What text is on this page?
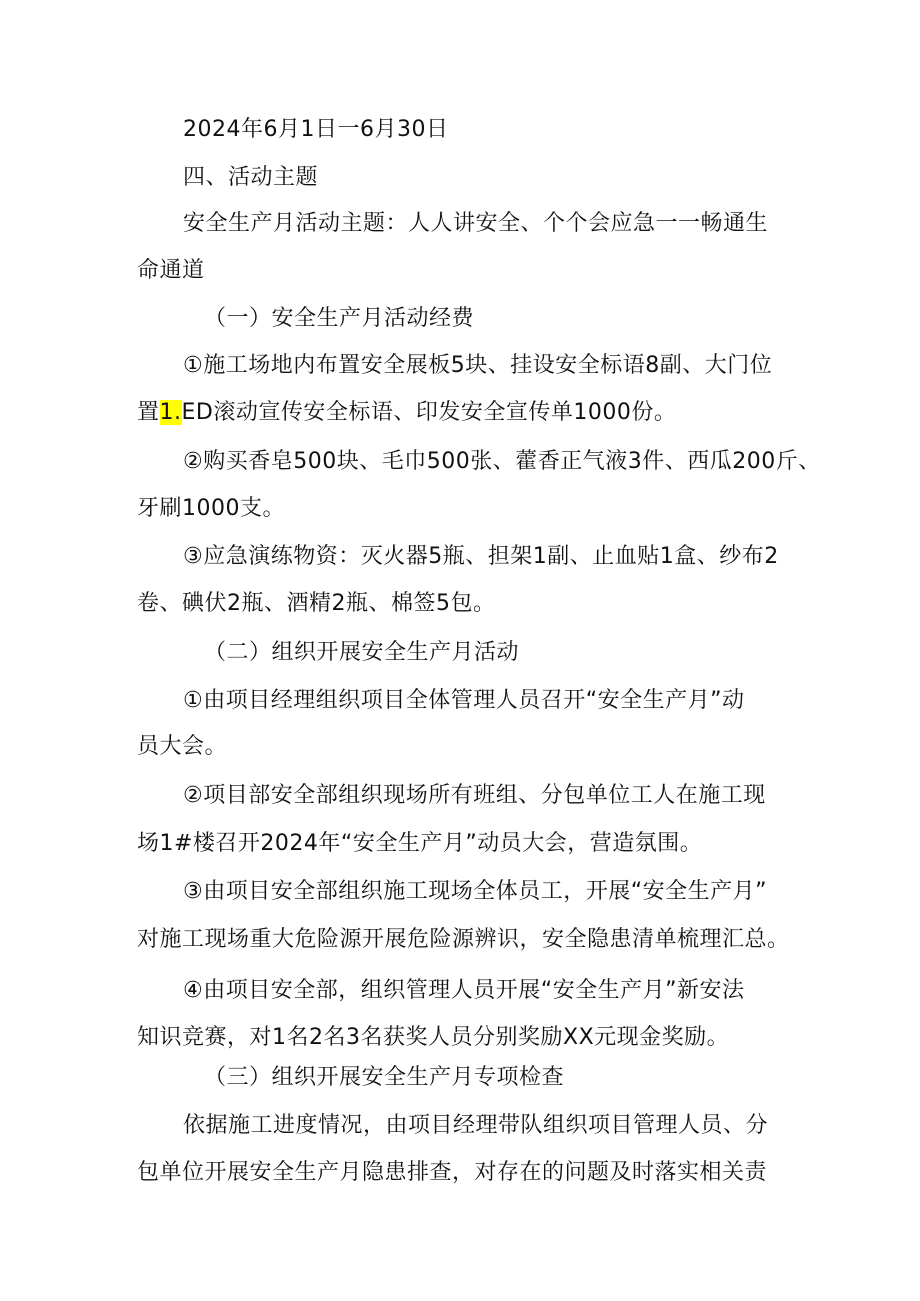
2024年6月1日一6月30日
四、活动主题
安全生产月活动主题：人人讲安全、个个会应急一一畅通生
命通道
（一）安全生产月活动经费
①施工场地内布置安全展板5块、挂设安全标语8副、大门位
置1.ED滚动宣传安全标语、印发安全宣传单1000份。
②购买香皂500块、毛巾500张、藿香正气液3件、西瓜200斤、
牙刷1000支。
③应急演练物资：灭火器5瓶、担架1副、止血贴1盒、纱布2
卷、碘伏2瓶、酒精2瓶、棉签5包。
（二）组织开展安全生产月活动
①由项目经理组织项目全体管理人员召开“安全生产月”动
员大会。
②项目部安全部组织现场所有班组、分包单位工人在施工现
场1#楼召开2024年“安全生产月”动员大会，营造氛围。
③由项目安全部组织施工现场全体员工，开展“安全生产月”
对施工现场重大危险源开展危险源辨识，安全隐患清单梳理汇总。
④由项目安全部，组织管理人员开展“安全生产月”新安法
知识竞赛，对1名2名3名获奖人员分别奖励XX元现金奖励。
（三）组织开展安全生产月专项检查
依据施工进度情况，由项目经理带队组织项目管理人员、分
包单位开展安全生产月隐患排查，对存在的问题及时落实相关责
